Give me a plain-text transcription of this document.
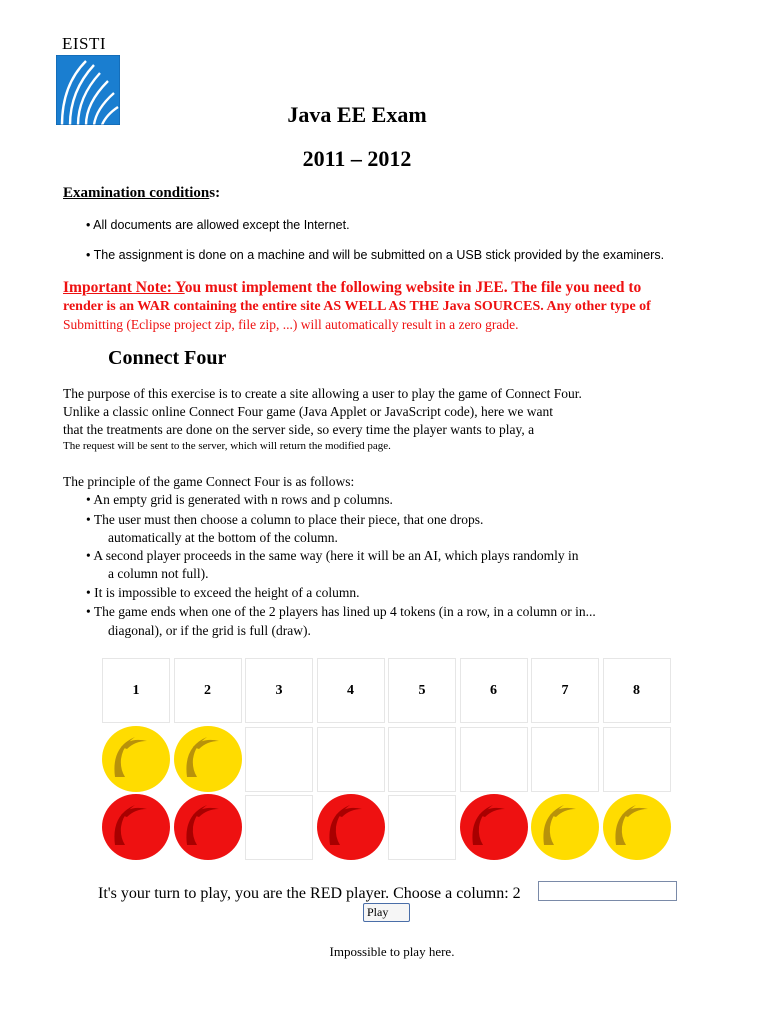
EISTI
Java EE Exam
2011 – 2012
Examination conditions:
• All documents are allowed except the Internet.
• The assignment is done on a machine and will be submitted on a USB stick provided by the examiners.
Important Note: You must implement the following website in JEE. The file you need to
render is an WAR containing the entire site AS WELL AS THE Java SOURCES. Any other type of
Submitting (Eclipse project zip, file zip, ...) will automatically result in a zero grade.
Connect Four
The purpose of this exercise is to create a site allowing a user to play the game of Connect Four.
Unlike a classic online Connect Four game (Java Applet or JavaScript code), here we want
that the treatments are done on the server side, so every time the player wants to play, a
The request will be sent to the server, which will return the modified page.
The principle of the game Connect Four is as follows:
• An empty grid is generated with n rows and p columns.
• The user must then choose a column to place their piece, that one drops.
automatically at the bottom of the column.
• A second player proceeds in the same way (here it will be an AI, which plays randomly in
a column not full).
• It is impossible to exceed the height of a column.
• The game ends when one of the 2 players has lined up 4 tokens (in a row, in a column or in...
diagonal), or if the grid is full (draw).
1	2	3	4	5	6	7	8
It's your turn to play, you are the RED player. Choose a column: 2
Play
Impossible to play here.
